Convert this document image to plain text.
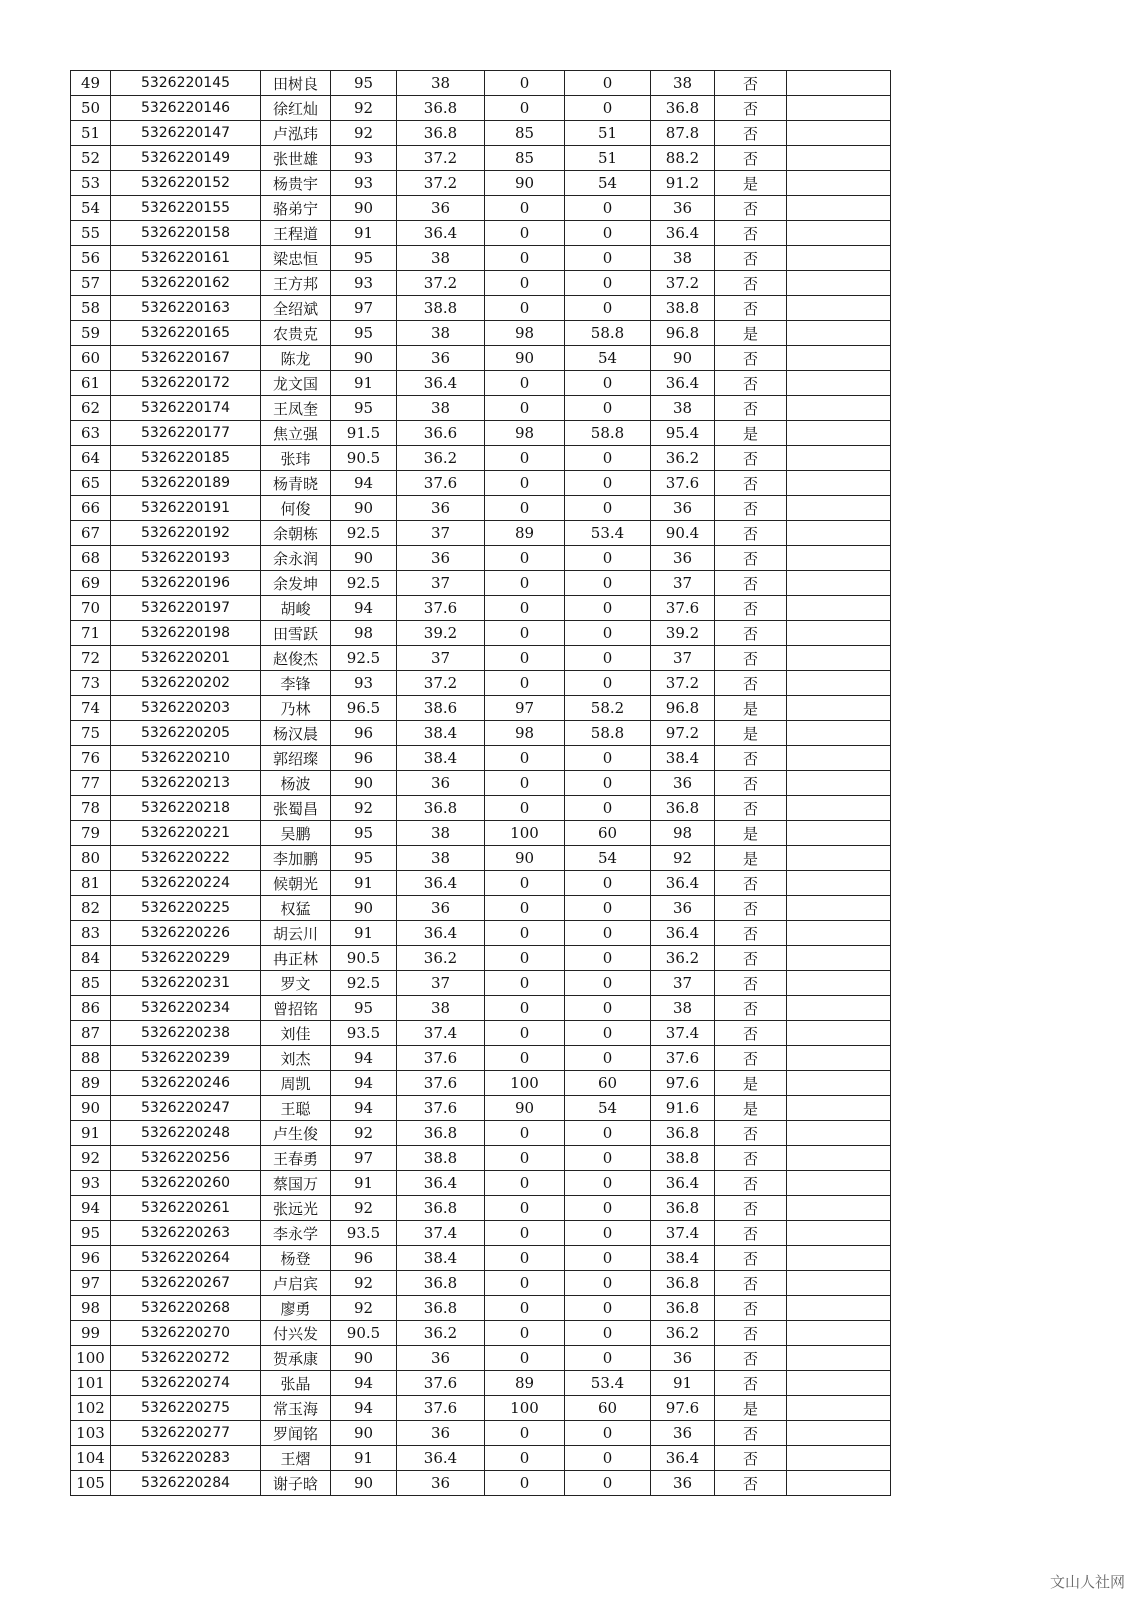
49	5326220145	田树良	95	38	0	0	38	否	
50	5326220146	徐红灿	92	36.8	0	0	36.8	否	
51	5326220147	卢泓玮	92	36.8	85	51	87.8	否	
52	5326220149	张世雄	93	37.2	85	51	88.2	否	
53	5326220152	杨贵宇	93	37.2	90	54	91.2	是	
54	5326220155	骆弟宁	90	36	0	0	36	否	
55	5326220158	王程道	91	36.4	0	0	36.4	否	
56	5326220161	梁忠恒	95	38	0	0	38	否	
57	5326220162	王方邦	93	37.2	0	0	37.2	否	
58	5326220163	全绍斌	97	38.8	0	0	38.8	否	
59	5326220165	农贵克	95	38	98	58.8	96.8	是	
60	5326220167	陈龙	90	36	90	54	90	否	
61	5326220172	龙文国	91	36.4	0	0	36.4	否	
62	5326220174	王凤奎	95	38	0	0	38	否	
63	5326220177	焦立强	91.5	36.6	98	58.8	95.4	是	
64	5326220185	张玮	90.5	36.2	0	0	36.2	否	
65	5326220189	杨青晓	94	37.6	0	0	37.6	否	
66	5326220191	何俊	90	36	0	0	36	否	
67	5326220192	余朝栋	92.5	37	89	53.4	90.4	否	
68	5326220193	余永润	90	36	0	0	36	否	
69	5326220196	余发坤	92.5	37	0	0	37	否	
70	5326220197	胡峻	94	37.6	0	0	37.6	否	
71	5326220198	田雪跃	98	39.2	0	0	39.2	否	
72	5326220201	赵俊杰	92.5	37	0	0	37	否	
73	5326220202	李锋	93	37.2	0	0	37.2	否	
74	5326220203	乃林	96.5	38.6	97	58.2	96.8	是	
75	5326220205	杨汉晨	96	38.4	98	58.8	97.2	是	
76	5326220210	郭绍璨	96	38.4	0	0	38.4	否	
77	5326220213	杨波	90	36	0	0	36	否	
78	5326220218	张蜀昌	92	36.8	0	0	36.8	否	
79	5326220221	吴鹏	95	38	100	60	98	是	
80	5326220222	李加鹏	95	38	90	54	92	是	
81	5326220224	候朝光	91	36.4	0	0	36.4	否	
82	5326220225	权猛	90	36	0	0	36	否	
83	5326220226	胡云川	91	36.4	0	0	36.4	否	
84	5326220229	冉正林	90.5	36.2	0	0	36.2	否	
85	5326220231	罗文	92.5	37	0	0	37	否	
86	5326220234	曾招铭	95	38	0	0	38	否	
87	5326220238	刘佳	93.5	37.4	0	0	37.4	否	
88	5326220239	刘杰	94	37.6	0	0	37.6	否	
89	5326220246	周凯	94	37.6	100	60	97.6	是	
90	5326220247	王聪	94	37.6	90	54	91.6	是	
91	5326220248	卢生俊	92	36.8	0	0	36.8	否	
92	5326220256	王春勇	97	38.8	0	0	38.8	否	
93	5326220260	蔡国万	91	36.4	0	0	36.4	否	
94	5326220261	张远光	92	36.8	0	0	36.8	否	
95	5326220263	李永学	93.5	37.4	0	0	37.4	否	
96	5326220264	杨登	96	38.4	0	0	38.4	否	
97	5326220267	卢启宾	92	36.8	0	0	36.8	否	
98	5326220268	廖勇	92	36.8	0	0	36.8	否	
99	5326220270	付兴发	90.5	36.2	0	0	36.2	否	
100	5326220272	贺承康	90	36	0	0	36	否	
101	5326220274	张晶	94	37.6	89	53.4	91	否	
102	5326220275	常玉海	94	37.6	100	60	97.6	是	
103	5326220277	罗闻铭	90	36	0	0	36	否	
104	5326220283	王熠	91	36.4	0	0	36.4	否	
105	5326220284	谢子晗	90	36	0	0	36	否	
文山人社网
